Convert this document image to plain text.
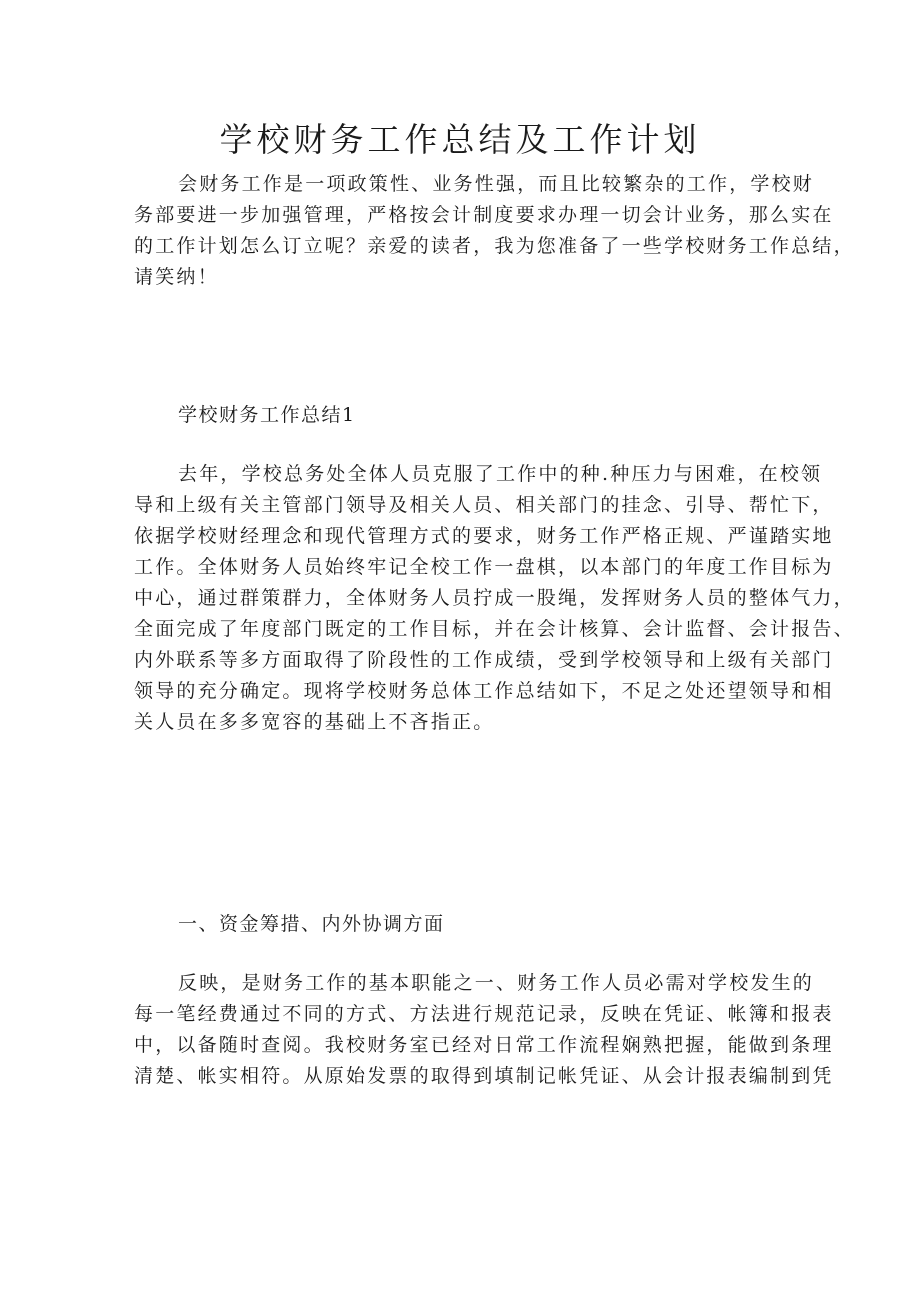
学校财务工作总结及工作计划
会财务工作是一项政策性、业务性强，而且比较繁杂的工作，学校财
务部要进一步加强管理，严格按会计制度要求办理一切会计业务，那么实在
的工作计划怎么订立呢？亲爱的读者，我为您准备了一些学校财务工作总结，
请笑纳！
学校财务工作总结1
去年，学校总务处全体人员克服了工作中的种.种压力与困难，在校领
导和上级有关主管部门领导及相关人员、相关部门的挂念、引导、帮忙下，
依据学校财经理念和现代管理方式的要求，财务工作严格正规、严谨踏实地
工作。全体财务人员始终牢记全校工作一盘棋，以本部门的年度工作目标为
中心，通过群策群力，全体财务人员拧成一股绳，发挥财务人员的整体气力，
全面完成了年度部门既定的工作目标，并在会计核算、会计监督、会计报告、
内外联系等多方面取得了阶段性的工作成绩，受到学校领导和上级有关部门
领导的充分确定。现将学校财务总体工作总结如下，不足之处还望领导和相
关人员在多多宽容的基础上不吝指正。
一、资金筹措、内外协调方面
反映，是财务工作的基本职能之一、财务工作人员必需对学校发生的
每一笔经费通过不同的方式、方法进行规范记录，反映在凭证、帐簿和报表
中，以备随时查阅。我校财务室已经对日常工作流程娴熟把握，能做到条理
清楚、帐实相符。从原始发票的取得到填制记帐凭证、从会计报表编制到凭
